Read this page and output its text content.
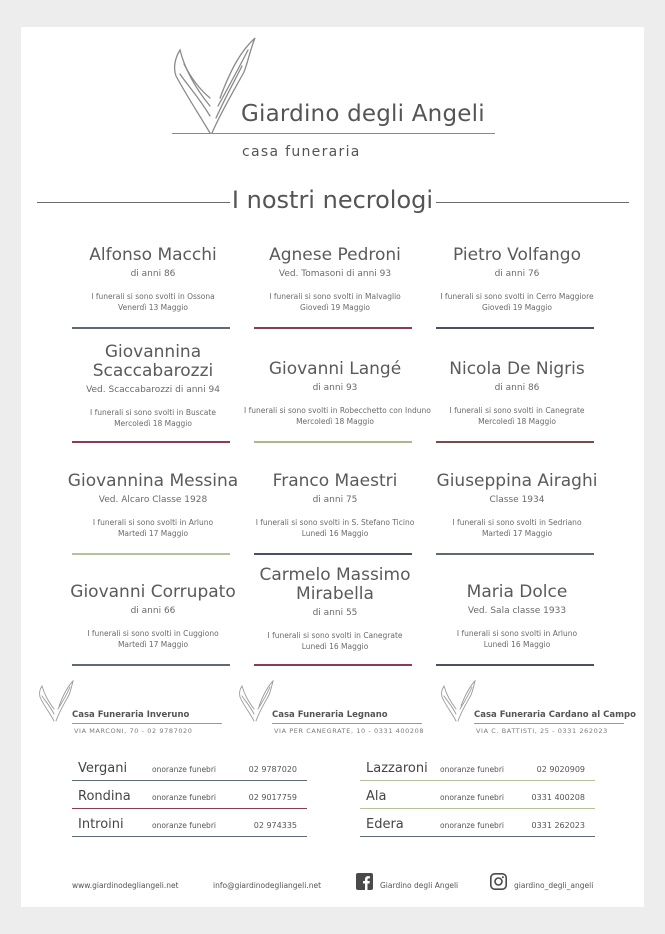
Giardino degli Angeli
casa funeraria
I nostri necrologi
Alfonso Macchi
di anni 86
I funerali si sono svolti in Ossona
Venerdì 13 Maggio
Agnese Pedroni
Ved. Tomasoni di anni 93
I funerali si sono svolti in Malvaglio
Giovedì 19 Maggio
Pietro Volfango
di anni 76
I funerali si sono svolti in Cerro Maggiore
Giovedì 19 Maggio
Giovannina Scaccabarozzi
Ved. Scaccabarozzi di anni 94
I funerali si sono svolti in Buscate
Mercoledì 18 Maggio
Giovanni Langé
di anni 93
I funerali si sono svolti in Robecchetto con Induno
Mercoledì 18 Maggio
Nicola De Nigris
di anni 86
I funerali si sono svolti in Canegrate
Mercoledì 18 Maggio
Giovannina Messina
Ved. Alcaro Classe 1928
I funerali si sono svolti in Arluno
Martedì 17 Maggio
Franco Maestri
di anni 75
I funerali si sono svolti in S. Stefano Ticino
Lunedì 16 Maggio
Giuseppina Airaghi
Classe 1934
I funerali si sono svolti in Sedriano
Martedì 17 Maggio
Giovanni Corrupato
di anni 66
I funerali si sono svolti in Cuggiono
Martedì 17 Maggio
Carmelo Massimo Mirabella
di anni 55
I funerali si sono svolti in Canegrate
Lunedì 16 Maggio
Maria Dolce
Ved. Sala classe 1933
I funerali si sono svolti in Arluno
Lunedì 16 Maggio
Casa Funeraria Inveruno
VIA MARCONI, 70 - 02 9787020
Casa Funeraria Legnano
VIA PER CANEGRATE, 10 - 0331 400208
Casa Funeraria Cardano al Campo
VIA C. BATTISTI, 25 - 0331 262023
Vergani	onoranze funebri	02 9787020
Rondina	onoranze funebri	02 9017759
Introini	onoranze funebri	02 974335
Lazzaroni onoranze funebri	02 9020909
Ala	onoranze funebri	0331 400208
Edera	onoranze funebri	0331 262023
www.giardinodegliangeli.net	info@giardinodegliangeli.net	Giardino degli Angeli	giardino_degli_angeli
